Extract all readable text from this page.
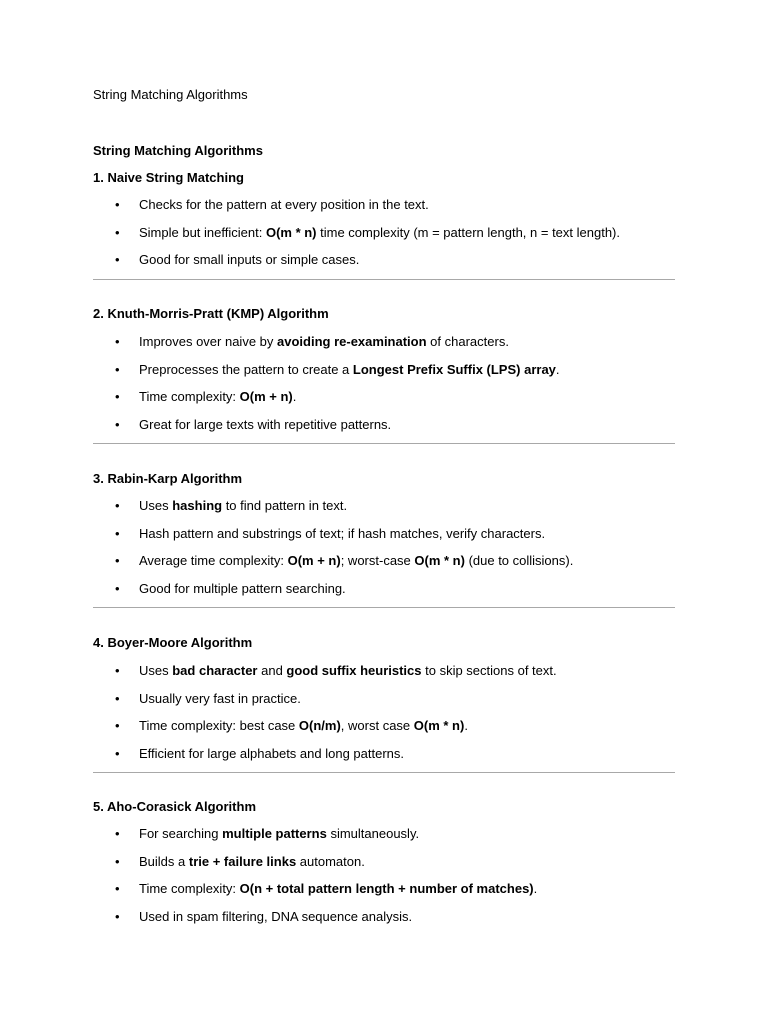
String Matching Algorithms
String Matching Algorithms
1. Naive String Matching
•	Checks for the pattern at every position in the text.
•	Simple but inefficient: O(m * n) time complexity (m = pattern length, n = text length).
•	Good for small inputs or simple cases.
2. Knuth-Morris-Pratt (KMP) Algorithm
•	Improves over naive by avoiding re-examination of characters.
•	Preprocesses the pattern to create a Longest Prefix Suffix (LPS) array.
•	Time complexity: O(m + n).
•	Great for large texts with repetitive patterns.
3. Rabin-Karp Algorithm
•	Uses hashing to find pattern in text.
•	Hash pattern and substrings of text; if hash matches, verify characters.
•	Average time complexity: O(m + n); worst-case O(m * n) (due to collisions).
•	Good for multiple pattern searching.
4. Boyer-Moore Algorithm
•	Uses bad character and good suffix heuristics to skip sections of text.
•	Usually very fast in practice.
•	Time complexity: best case O(n/m), worst case O(m * n).
•	Efficient for large alphabets and long patterns.
5. Aho-Corasick Algorithm
•	For searching multiple patterns simultaneously.
•	Builds a trie + failure links automaton.
•	Time complexity: O(n + total pattern length + number of matches).
•	Used in spam filtering, DNA sequence analysis.
